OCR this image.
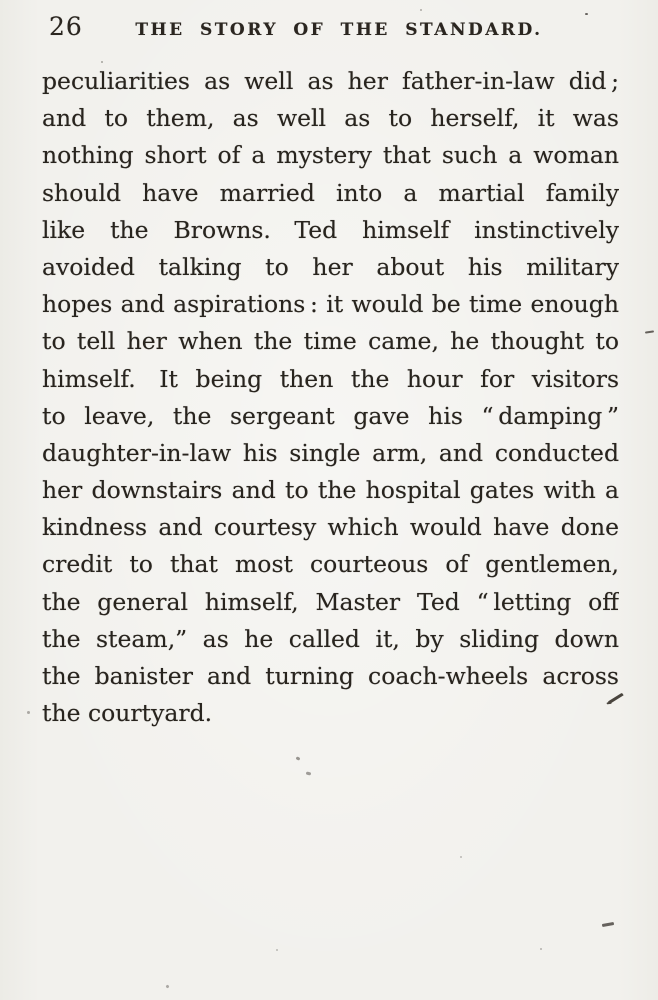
26	THE STORY OF THE STANDARD.
peculiarities as well as her father-in-law did ;
and to them, as well as to herself, it was
nothing short of a mystery that such a woman
should have married into a martial family
like the Browns. Ted himself instinctively
avoided talking to her about his military
hopes and aspirations : it would be time enough
to tell her when the time came, he thought to
himself. It being then the hour for visitors
to leave, the sergeant gave his “ damping ”
daughter-in-law his single arm, and conducted
her downstairs and to the hospital gates with a
kindness and courtesy which would have done
credit to that most courteous of gentlemen,
the general himself, Master Ted “ letting off
the steam,” as he called it, by sliding down
the banister and turning coach-wheels across
the courtyard.
